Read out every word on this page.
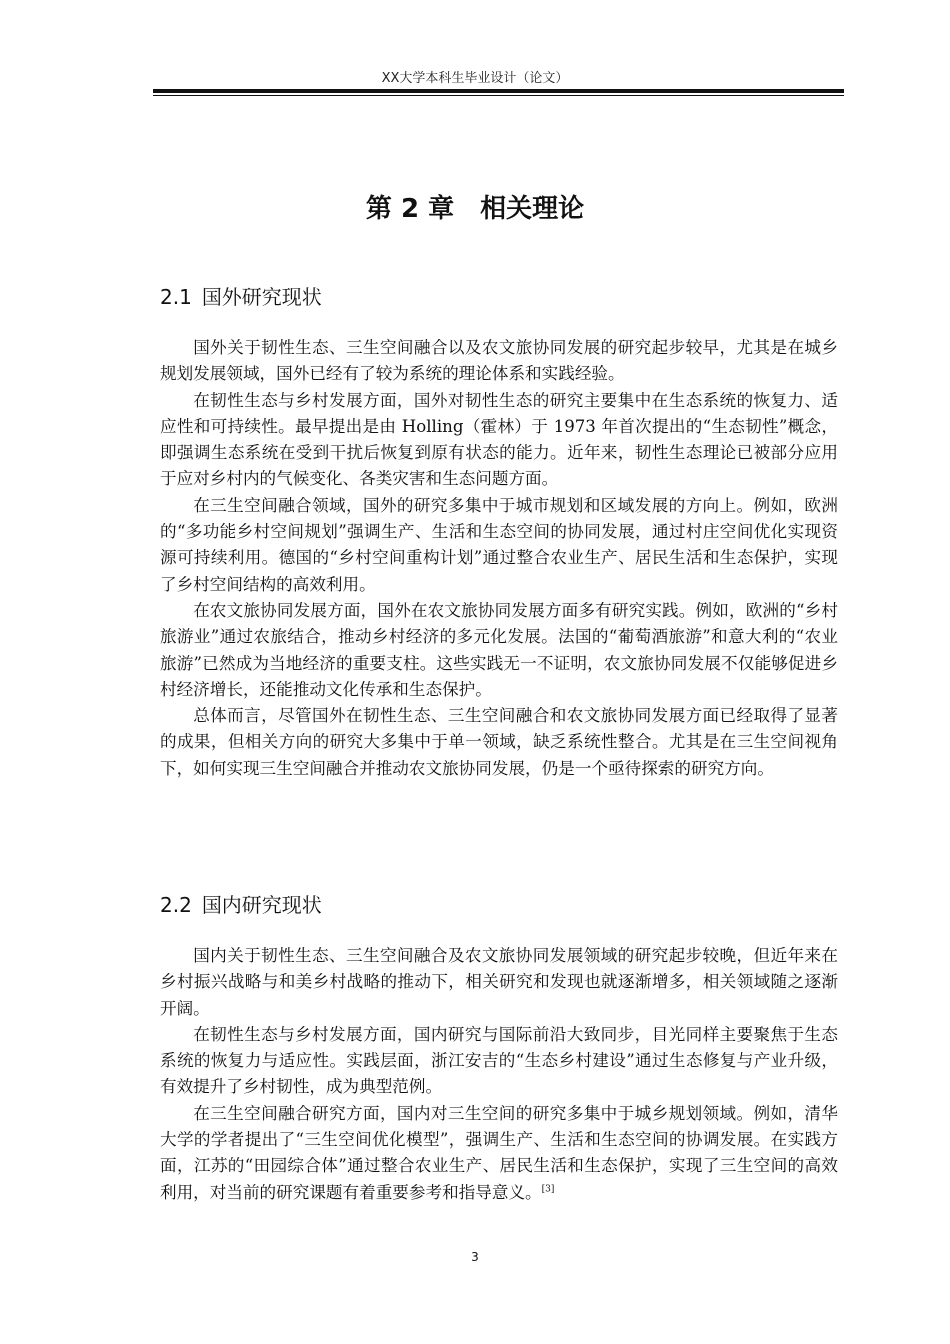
XX大学本科生毕业设计（论文）
第 2 章 相关理论
2.1 国外研究现状

国外关于韧性生态、三生空间融合以及农文旅协同发展的研究起步较早，尤其是在城乡规划发展领域，国外已经有了较为系统的理论体系和实践经验。

在韧性生态与乡村发展方面，国外对韧性生态的研究主要集中在生态系统的恢复力、适应性和可持续性。最早提出是由 Holling（霍林）于 1973 年首次提出的“生态韧性”概念，即强调生态系统在受到干扰后恢复到原有状态的能力。近年来，韧性生态理论已被部分应用于应对乡村内的气候变化、各类灾害和生态问题方面。

在三生空间融合领域，国外的研究多集中于城市规划和区域发展的方向上。例如，欧洲的“多功能乡村空间规划”强调生产、生活和生态空间的协同发展，通过村庄空间优化实现资源可持续利用。德国的“乡村空间重构计划”通过整合农业生产、居民生活和生态保护，实现了乡村空间结构的高效利用。

在农文旅协同发展方面，国外在农文旅协同发展方面多有研究实践。例如，欧洲的“乡村旅游业”通过农旅结合，推动乡村经济的多元化发展。法国的“葡萄酒旅游”和意大利的“农业旅游”已然成为当地经济的重要支柱。这些实践无一不证明，农文旅协同发展不仅能够促进乡村经济增长，还能推动文化传承和生态保护。

总体而言，尽管国外在韧性生态、三生空间融合和农文旅协同发展方面已经取得了显著的成果，但相关方向的研究大多集中于单一领域，缺乏系统性整合。尤其是在三生空间视角下，如何实现三生空间融合并推动农文旅协同发展，仍是一个亟待探索的研究方向。

2.2 国内研究现状

国内关于韧性生态、三生空间融合及农文旅协同发展领域的研究起步较晚，但近年来在乡村振兴战略与和美乡村战略的推动下，相关研究和发现也就逐渐增多，相关领域随之逐渐开阔。

在韧性生态与乡村发展方面，国内研究与国际前沿大致同步，目光同样主要聚焦于生态系统的恢复力与适应性。实践层面，浙江安吉的“生态乡村建设”通过生态修复与产业升级，有效提升了乡村韧性，成为典型范例。

在三生空间融合研究方面，国内对三生空间的研究多集中于城乡规划领域。例如，清华大学的学者提出了“三生空间优化模型”，强调生产、生活和生态空间的协调发展。在实践方面，江苏的“田园综合体”通过整合农业生产、居民生活和生态保护，实现了三生空间的高效利用，对当前的研究课题有着重要参考和指导意义。[3]

3
